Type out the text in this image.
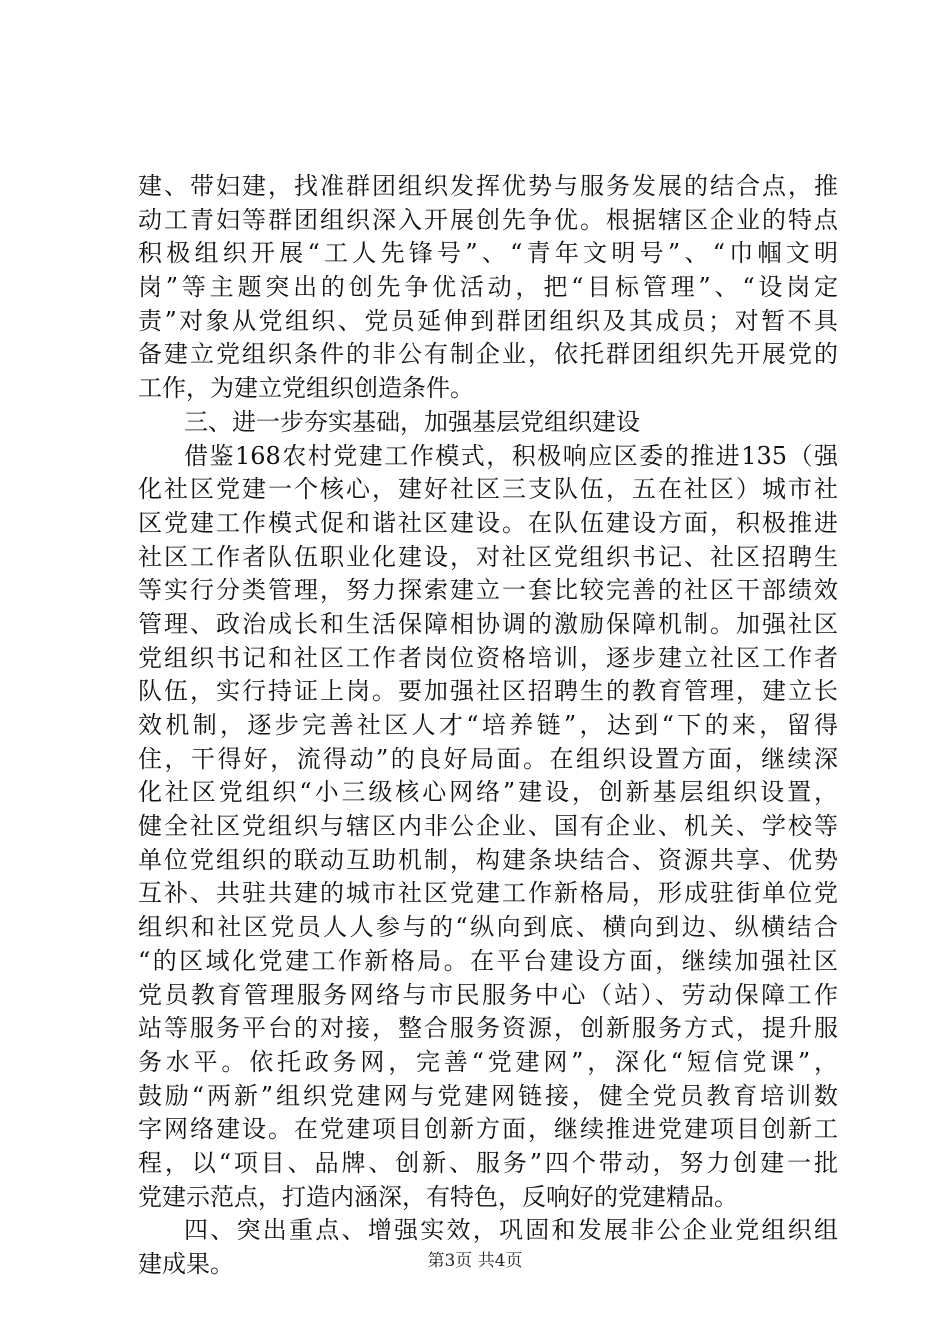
建、带妇建，找准群团组织发挥优势与服务发展的结合点，推
动工青妇等群团组织深入开展创先争优。根据辖区企业的特点
积极组织开展“工人先锋号”、“青年文明号”、“巾帼文明
岗”等主题突出的创先争优活动，把“目标管理”、“设岗定
责”对象从党组织、党员延伸到群团组织及其成员；对暂不具
备建立党组织条件的非公有制企业，依托群团组织先开展党的
工作，为建立党组织创造条件。
三、进一步夯实基础，加强基层党组织建设
借鉴168农村党建工作模式，积极响应区委的推进135（强
化社区党建一个核心，建好社区三支队伍，五在社区）城市社
区党建工作模式促和谐社区建设。在队伍建设方面，积极推进
社区工作者队伍职业化建设，对社区党组织书记、社区招聘生
等实行分类管理，努力探索建立一套比较完善的社区干部绩效
管理、政治成长和生活保障相协调的激励保障机制。加强社区
党组织书记和社区工作者岗位资格培训，逐步建立社区工作者
队伍，实行持证上岗。要加强社区招聘生的教育管理，建立长
效机制，逐步完善社区人才“培养链”，达到“下的来，留得
住，干得好，流得动”的良好局面。在组织设置方面，继续深
化社区党组织“小三级核心网络”建设，创新基层组织设置，
健全社区党组织与辖区内非公企业、国有企业、机关、学校等
单位党组织的联动互助机制，构建条块结合、资源共享、优势
互补、共驻共建的城市社区党建工作新格局，形成驻街单位党
组织和社区党员人人参与的“纵向到底、横向到边、纵横结合
“的区域化党建工作新格局。在平台建设方面，继续加强社区
党员教育管理服务网络与市民服务中心（站）、劳动保障工作
站等服务平台的对接，整合服务资源，创新服务方式，提升服
务水平。依托政务网，完善“党建网”，深化“短信党课”，
鼓励“两新”组织党建网与党建网链接，健全党员教育培训数
字网络建设。在党建项目创新方面，继续推进党建项目创新工
程，以“项目、品牌、创新、服务”四个带动，努力创建一批
党建示范点，打造内涵深，有特色，反响好的党建精品。
四、突出重点、增强实效，巩固和发展非公企业党组织组
建成果。	第3页 共4页
